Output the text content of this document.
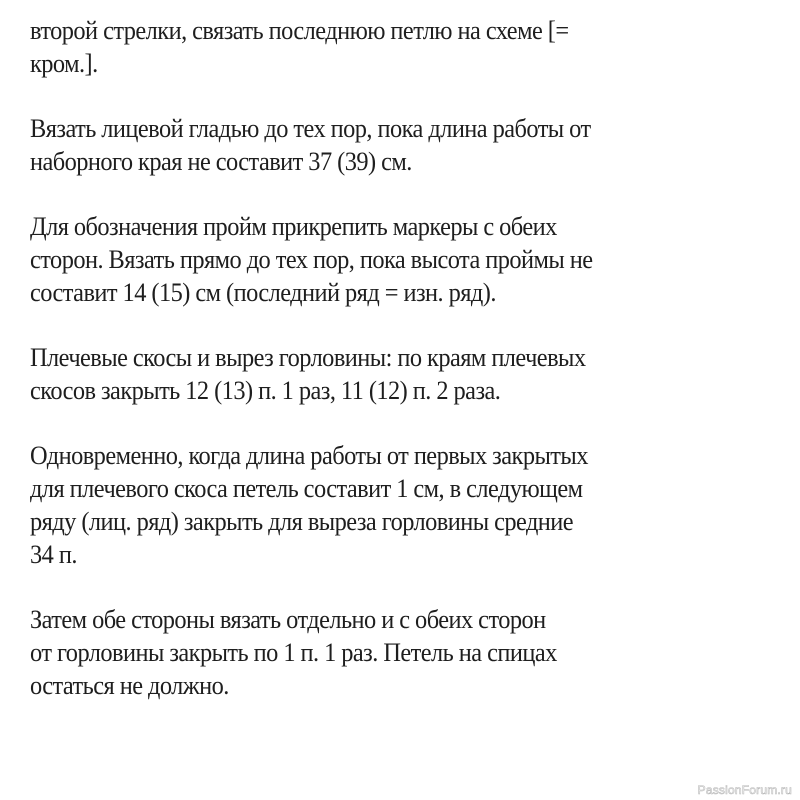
второй стрелки, связать последнюю петлю на схеме [=
кром.].

Вязать лицевой гладью до тех пор, пока длина работы от
наборного края не составит 37 (39) см.

Для обозначения пройм прикрепить маркеры с обеих
сторон. Вязать прямо до тех пор, пока высота проймы не
составит 14 (15) см (последний ряд = изн. ряд).

Плечевые скосы и вырез горловины: по краям плечевых
скосов закрыть 12 (13) п. 1 раз, 11 (12) п. 2 раза.

Одновременно, когда длина работы от первых закрытых
для плечевого скоса петель составит 1 см, в следующем
ряду (лиц. ряд) закрыть для выреза горловины средние
34 п.

Затем обе стороны вязать отдельно и с обеих сторон
от горловины закрыть по 1 п. 1 раз. Петель на спицах
остаться не должно.

PassionForum.ru
